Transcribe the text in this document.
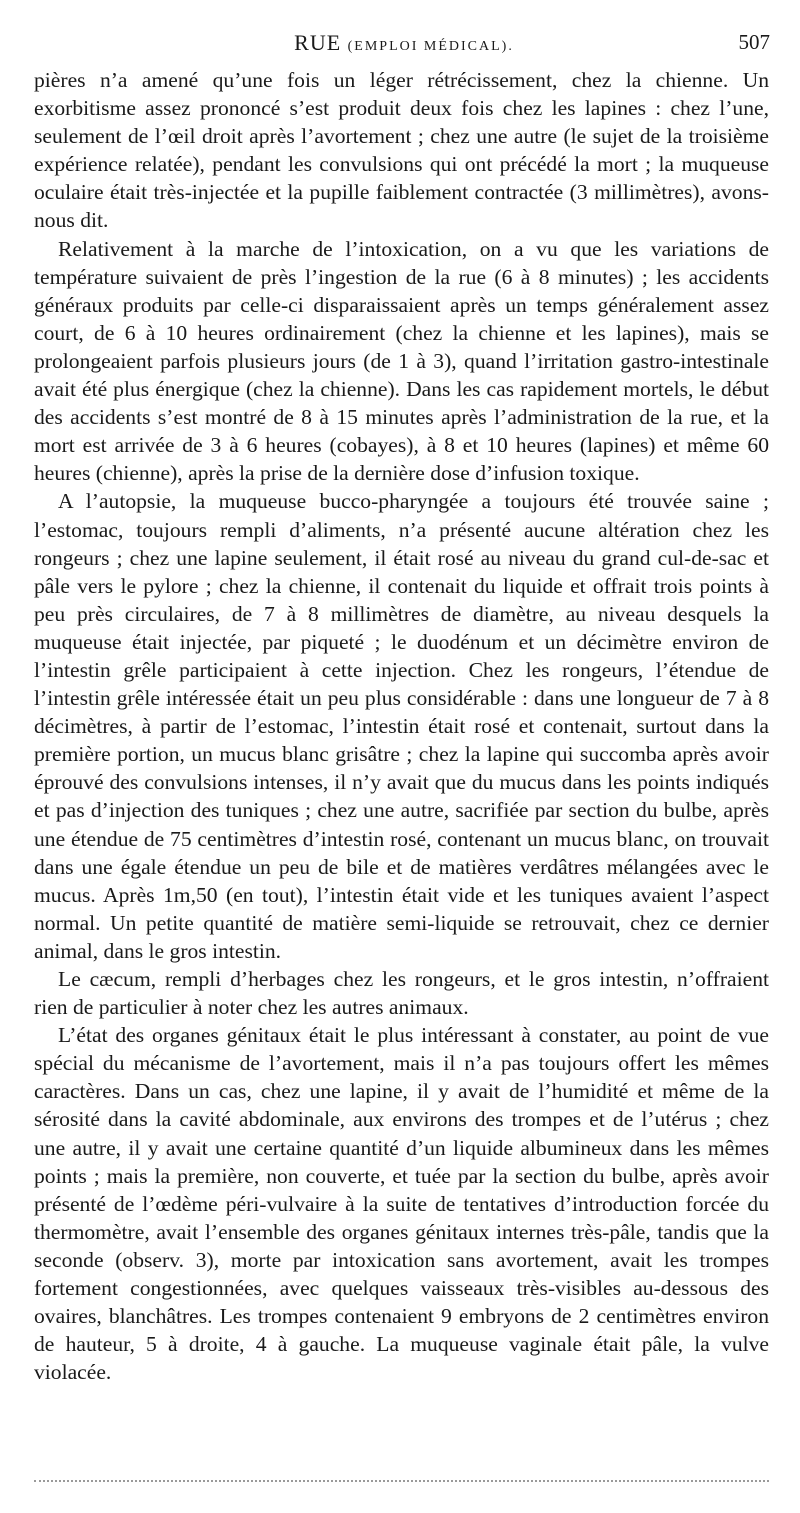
RUE (EMPLOI MÉDICAL).	507

pières n’a amené qu’une fois un léger rétrécissement, chez la chienne. Un exorbitisme assez prononcé s’est produit deux fois chez les lapines : chez l’une, seulement de l’œil droit après l’avortement ; chez une autre (le sujet de la troisième expérience relatée), pendant les convulsions qui ont précédé la mort ; la muqueuse oculaire était très-injectée et la pupille faiblement contractée (3 millimètres), avons-nous dit.

Relativement à la marche de l’intoxication, on a vu que les variations de température suivaient de près l’ingestion de la rue (6 à 8 minutes) ; les accidents généraux produits par celle-ci disparaissaient après un temps généralement assez court, de 6 à 10 heures ordinairement (chez la chienne et les lapines), mais se prolongeaient parfois plusieurs jours (de 1 à 3), quand l’irritation gastro-intestinale avait été plus énergique (chez la chienne). Dans les cas rapidement mortels, le début des accidents s’est montré de 8 à 15 minutes après l’administration de la rue, et la mort est arrivée de 3 à 6 heures (cobayes), à 8 et 10 heures (lapines) et même 60 heures (chienne), après la prise de la dernière dose d’infusion toxique.

A l’autopsie, la muqueuse bucco-pharyngée a toujours été trouvée saine ; l’estomac, toujours rempli d’aliments, n’a présenté aucune altération chez les rongeurs ; chez une lapine seulement, il était rosé au niveau du grand cul-de-sac et pâle vers le pylore ; chez la chienne, il contenait du liquide et offrait trois points à peu près circulaires, de 7 à 8 millimètres de diamètre, au niveau desquels la muqueuse était injectée, par piqueté ; le duodénum et un décimètre environ de l’intestin grêle participaient à cette injection. Chez les rongeurs, l’étendue de l’intestin grêle intéressée était un peu plus considérable : dans une longueur de 7 à 8 décimètres, à partir de l’estomac, l’intestin était rosé et contenait, surtout dans la première portion, un mucus blanc grisâtre ; chez la lapine qui succomba après avoir éprouvé des convulsions intenses, il n’y avait que du mucus dans les points indiqués et pas d’injection des tuniques ; chez une autre, sacrifiée par section du bulbe, après une étendue de 75 centimètres d’intestin rosé, contenant un mucus blanc, on trouvait dans une égale étendue un peu de bile et de matières verdâtres mélangées avec le mucus. Après 1m,50 (en tout), l’intestin était vide et les tuniques avaient l’aspect normal. Un petite quantité de matière semi-liquide se retrouvait, chez ce dernier animal, dans le gros intestin.

Le cæcum, rempli d’herbages chez les rongeurs, et le gros intestin, n’offraient rien de particulier à noter chez les autres animaux.

L’état des organes génitaux était le plus intéressant à constater, au point de vue spécial du mécanisme de l’avortement, mais il n’a pas toujours offert les mêmes caractères. Dans un cas, chez une lapine, il y avait de l’humidité et même de la sérosité dans la cavité abdominale, aux environs des trompes et de l’utérus ; chez une autre, il y avait une certaine quantité d’un liquide albumineux dans les mêmes points ; mais la première, non couverte, et tuée par la section du bulbe, après avoir présenté de l’œdème péri-vulvaire à la suite de tentatives d’introduction forcée du thermomètre, avait l’ensemble des organes génitaux internes très-pâle, tandis que la seconde (observ. 3), morte par intoxication sans avortement, avait les trompes fortement congestionnées, avec quelques vaisseaux très-visibles au-dessous des ovaires, blanchâtres. Les trompes contenaient 9 embryons de 2 centimètres environ de hauteur, 5 à droite, 4 à gauche. La muqueuse vaginale était pâle, la vulve violacée.
